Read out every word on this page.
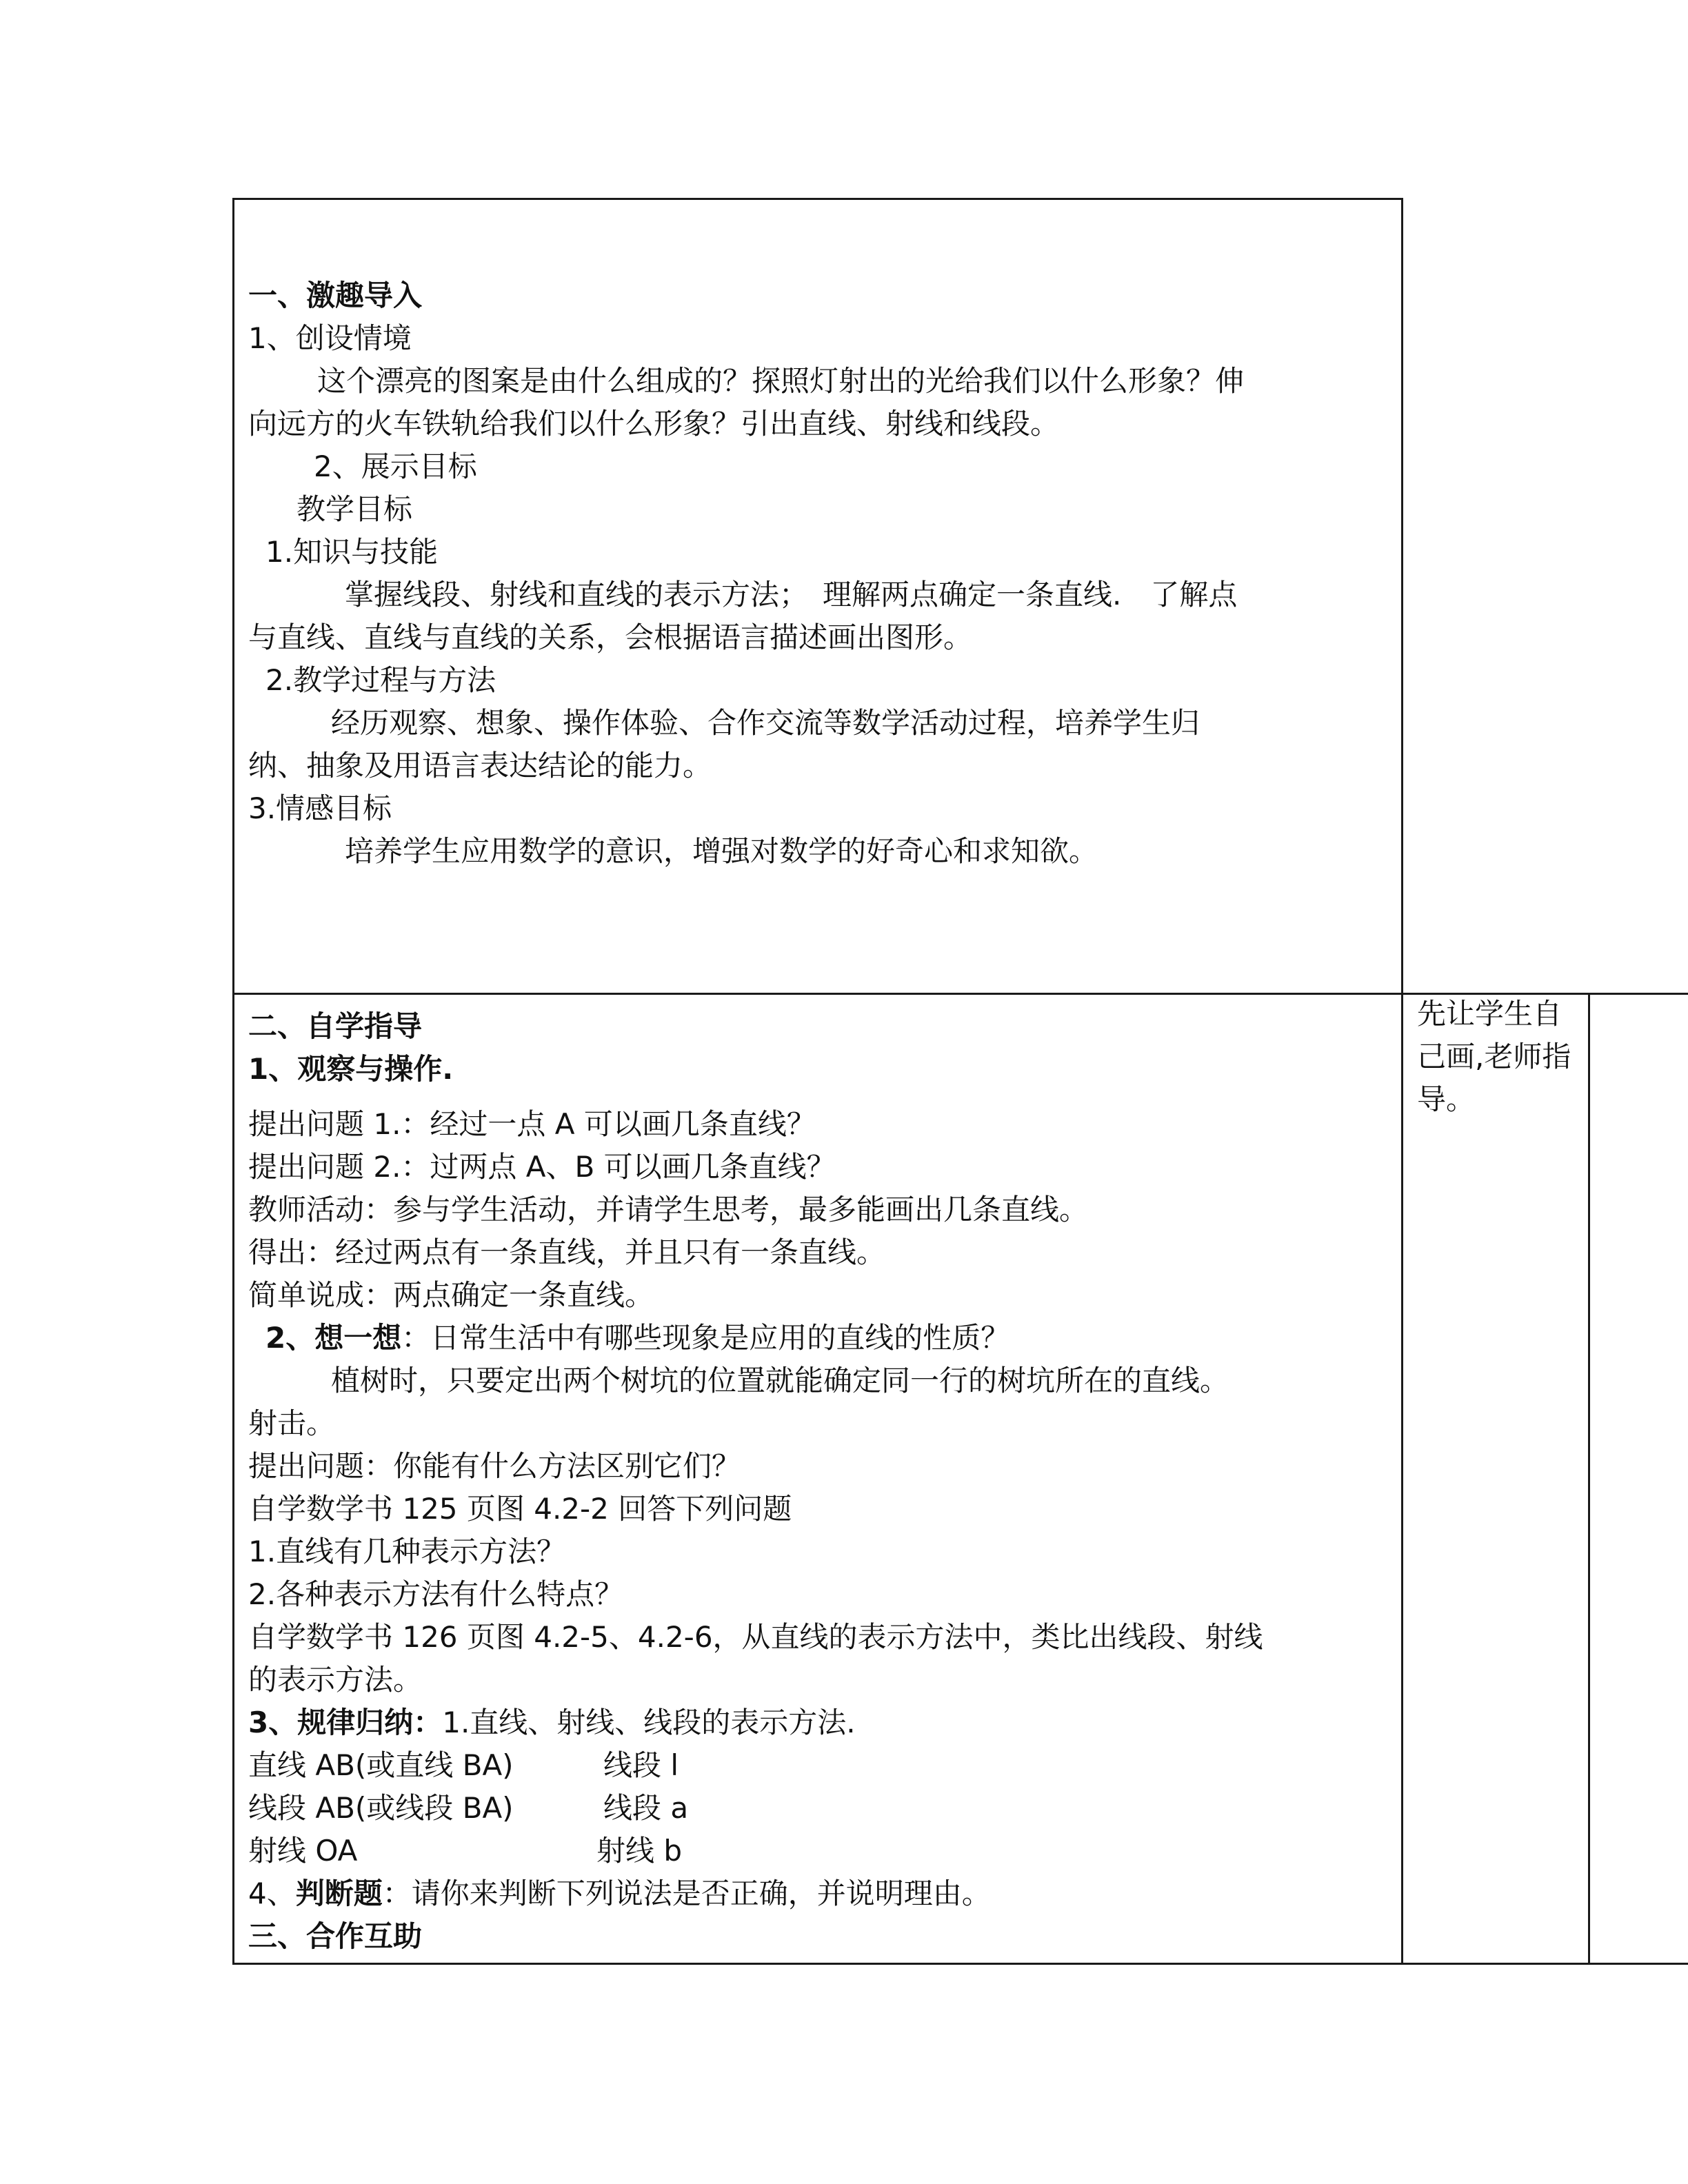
一、激趣导入
1、创设情境
这个漂亮的图案是由什么组成的？探照灯射出的光给我们以什么形象？伸
向远方的火车铁轨给我们以什么形象？引出直线、射线和线段。
2、展示目标
教学目标
1.知识与技能
掌握线段、射线和直线的表示方法；　理解两点确定一条直线.　了解点
与直线、直线与直线的关系，会根据语言描述画出图形。
2.教学过程与方法
经历观察、想象、操作体验、合作交流等数学活动过程，培养学生归
纳、抽象及用语言表达结论的能力。
3.情感目标
培养学生应用数学的意识，增强对数学的好奇心和求知欲。
二、自学指导
1、观察与操作.
提出问题 1.：经过一点 A 可以画几条直线？
提出问题 2.：过两点 A、B 可以画几条直线？
教师活动：参与学生活动，并请学生思考，最多能画出几条直线。
得出：经过两点有一条直线，并且只有一条直线。
简单说成：两点确定一条直线。
2、想一想：日常生活中有哪些现象是应用的直线的性质？
植树时，只要定出两个树坑的位置就能确定同一行的树坑所在的直线。
射击。
提出问题：你能有什么方法区别它们？
自学数学书 125 页图 4.2-2 回答下列问题
1.直线有几种表示方法？
2.各种表示方法有什么特点？
自学数学书 126 页图 4.2-5、4.2-6，从直线的表示方法中，类比出线段、射线
的表示方法。
3、规律归纳：1.直线、射线、线段的表示方法.
直线 AB(或直线 BA)	线段 l
线段 AB(或线段 BA)	线段 a
射线 OA	射线 b
4、判断题：请你来判断下列说法是否正确，并说明理由。
三、合作互助
先让学生自己画,老师指导。
